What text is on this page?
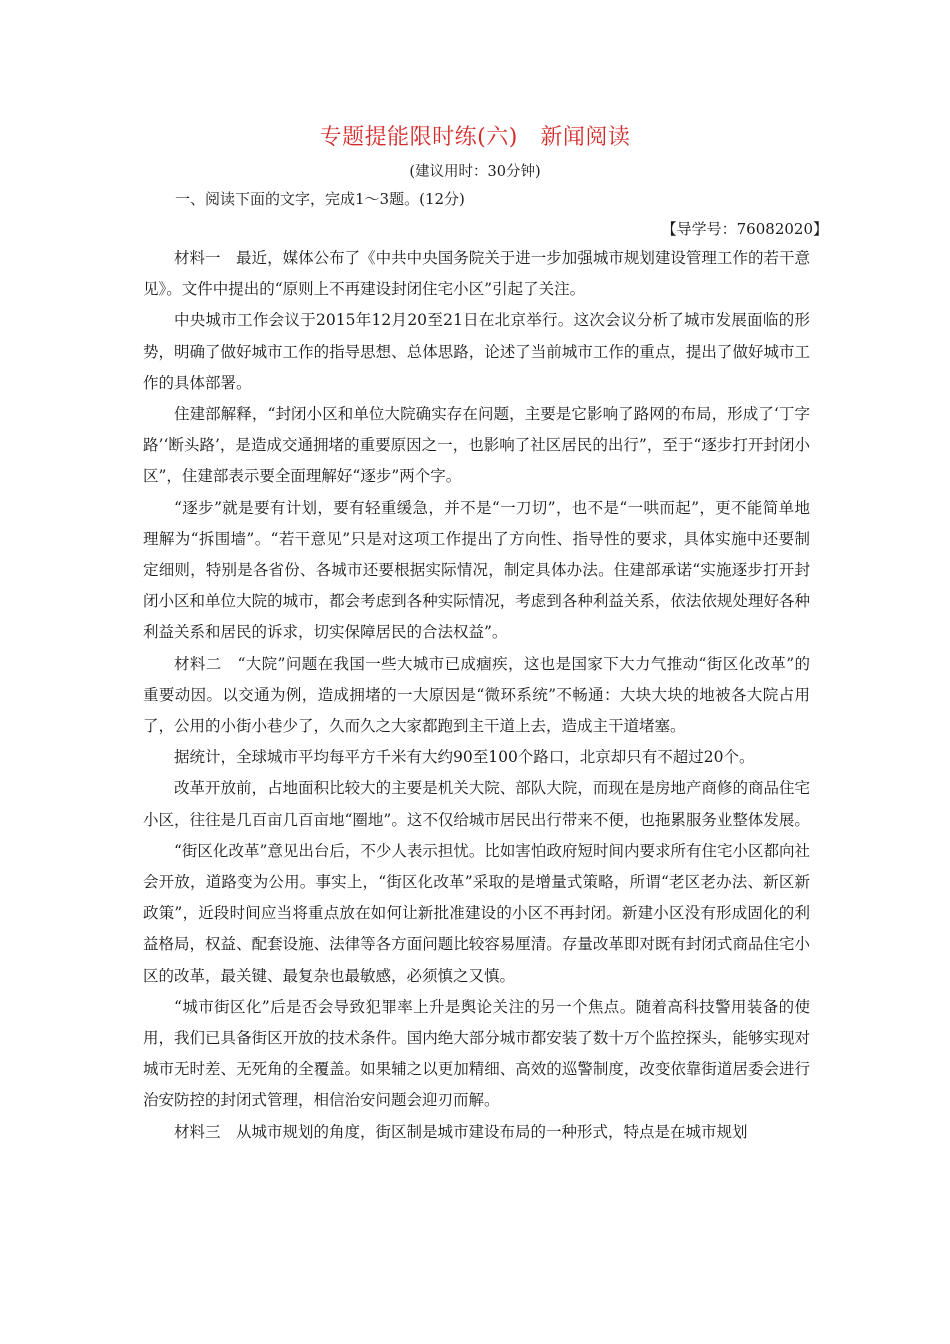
专题提能限时练(六)　新闻阅读
(建议用时：30分钟)
一、阅读下面的文字，完成1～3题。(12分)
【导学号：76082020】

材料一　最近，媒体公布了《中共中央国务院关于进一步加强城市规划建设管理工作的若干意见》。文件中提出的“原则上不再建设封闭住宅小区”引起了关注。

中央城市工作会议于2015年12月20至21日在北京举行。这次会议分析了城市发展面临的形势，明确了做好城市工作的指导思想、总体思路，论述了当前城市工作的重点，提出了做好城市工作的具体部署。

住建部解释，“封闭小区和单位大院确实存在问题，主要是它影响了路网的布局，形成了‘丁字路’‘断头路’，是造成交通拥堵的重要原因之一，也影响了社区居民的出行”，至于“逐步打开封闭小区”，住建部表示要全面理解好“逐步”两个字。

“逐步”就是要有计划，要有轻重缓急，并不是“一刀切”，也不是“一哄而起”，更不能简单地理解为“拆围墙”。“若干意见”只是对这项工作提出了方向性、指导性的要求，具体实施中还要制定细则，特别是各省份、各城市还要根据实际情况，制定具体办法。住建部承诺“实施逐步打开封闭小区和单位大院的城市，都会考虑到各种实际情况，考虑到各种利益关系，依法依规处理好各种利益关系和居民的诉求，切实保障居民的合法权益”。

材料二　“大院”问题在我国一些大城市已成痼疾，这也是国家下大力气推动“街区化改革”的重要动因。以交通为例，造成拥堵的一大原因是“微环系统”不畅通：大块大块的地被各大院占用了，公用的小街小巷少了，久而久之大家都跑到主干道上去，造成主干道堵塞。

据统计，全球城市平均每平方千米有大约90至100个路口，北京却只有不超过20个。

改革开放前，占地面积比较大的主要是机关大院、部队大院，而现在是房地产商修的商品住宅小区，往往是几百亩几百亩地“圈地”。这不仅给城市居民出行带来不便，也拖累服务业整体发展。

“街区化改革”意见出台后，不少人表示担忧。比如害怕政府短时间内要求所有住宅小区都向社会开放，道路变为公用。事实上，“街区化改革”采取的是增量式策略，所谓“老区老办法、新区新政策”，近段时间应当将重点放在如何让新批准建设的小区不再封闭。新建小区没有形成固化的利益格局，权益、配套设施、法律等各方面问题比较容易厘清。存量改革即对既有封闭式商品住宅小区的改革，最关键、最复杂也最敏感，必须慎之又慎。

“城市街区化”后是否会导致犯罪率上升是舆论关注的另一个焦点。随着高科技警用装备的使用，我们已具备街区开放的技术条件。国内绝大部分城市都安装了数十万个监控探头，能够实现对城市无时差、无死角的全覆盖。如果辅之以更加精细、高效的巡警制度，改变依靠街道居委会进行治安防控的封闭式管理，相信治安问题会迎刃而解。

材料三　从城市规划的角度，街区制是城市建设布局的一种形式，特点是在城市规划
